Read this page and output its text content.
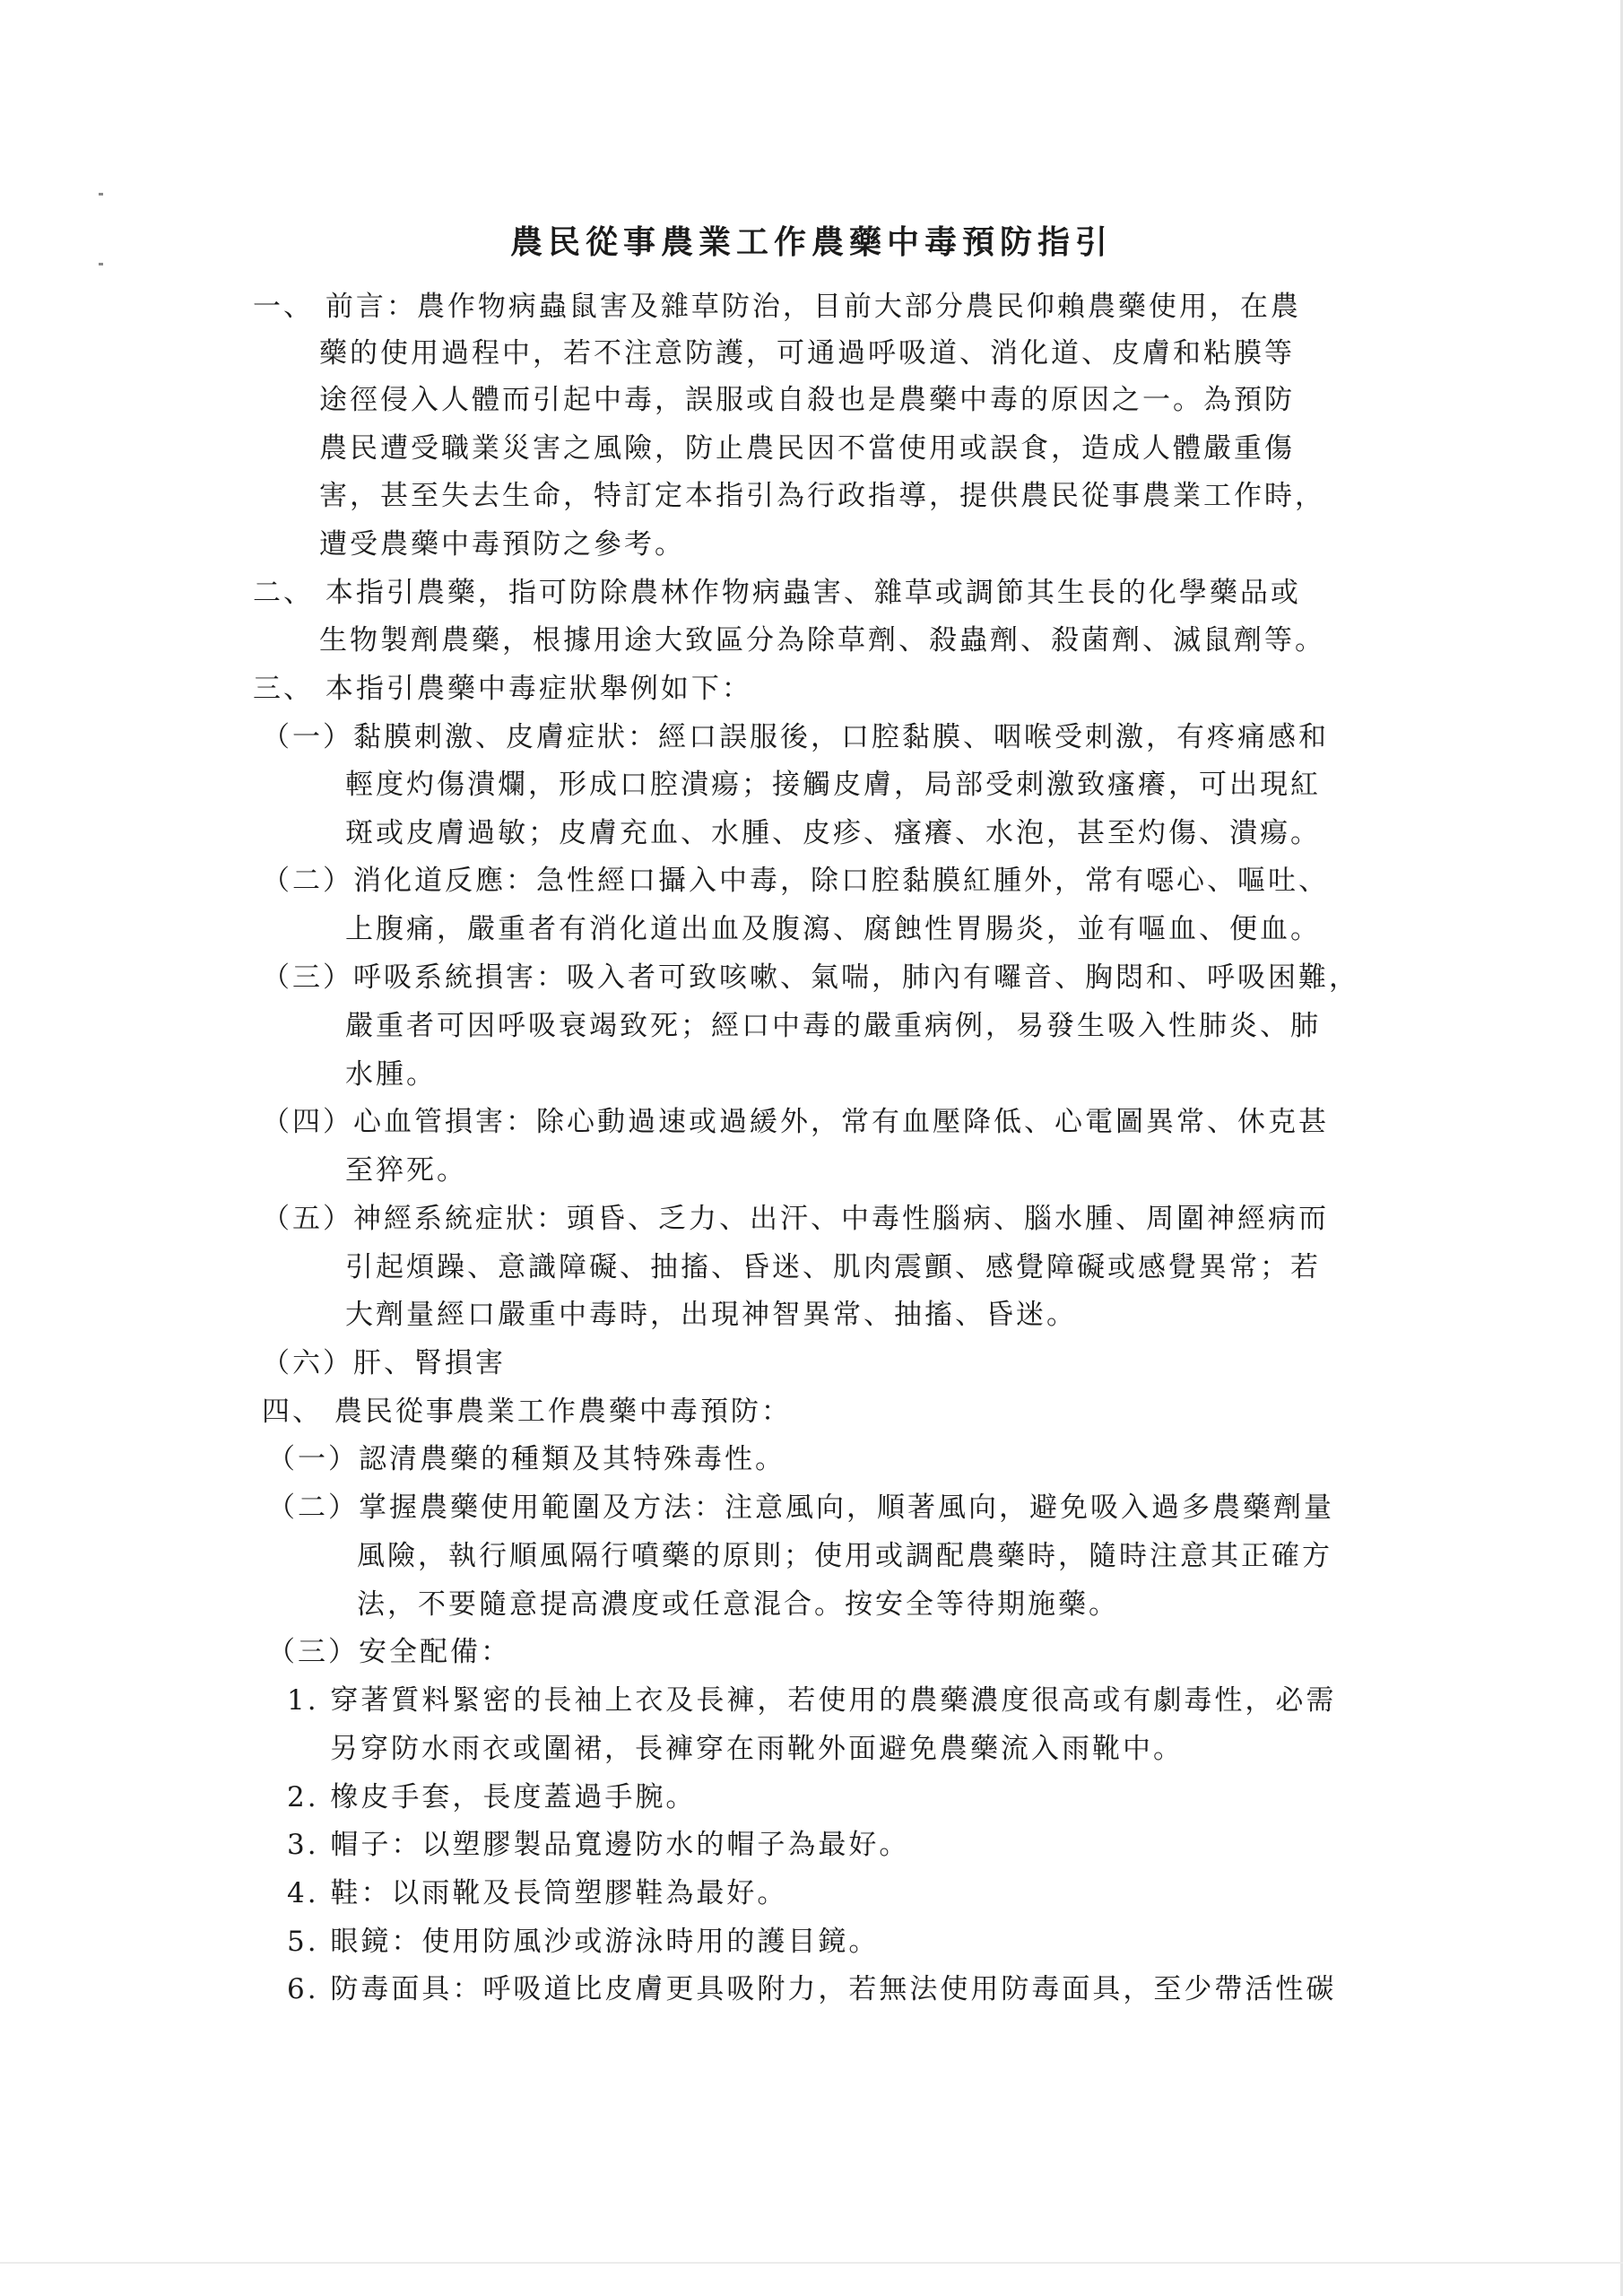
農民從事農業工作農藥中毒預防指引
一、 前言：農作物病蟲鼠害及雜草防治，目前大部分農民仰賴農藥使用，在農
藥的使用過程中，若不注意防護，可通過呼吸道、消化道、皮膚和粘膜等
途徑侵入人體而引起中毒，誤服或自殺也是農藥中毒的原因之一。為預防
農民遭受職業災害之風險，防止農民因不當使用或誤食，造成人體嚴重傷
害，甚至失去生命，特訂定本指引為行政指導，提供農民從事農業工作時，
遭受農藥中毒預防之參考。
二、 本指引農藥，指可防除農林作物病蟲害、雜草或調節其生長的化學藥品或
生物製劑農藥，根據用途大致區分為除草劑、殺蟲劑、殺菌劑、滅鼠劑等。
三、 本指引農藥中毒症狀舉例如下：
（一）黏膜刺激、皮膚症狀：經口誤服後，口腔黏膜、咽喉受刺激，有疼痛感和
輕度灼傷潰爛，形成口腔潰瘍；接觸皮膚，局部受刺激致瘙癢，可出現紅
斑或皮膚過敏；皮膚充血、水腫、皮疹、瘙癢、水泡，甚至灼傷、潰瘍。
（二）消化道反應：急性經口攝入中毒，除口腔黏膜紅腫外，常有噁心、嘔吐、
上腹痛，嚴重者有消化道出血及腹瀉、腐蝕性胃腸炎，並有嘔血、便血。
（三）呼吸系統損害：吸入者可致咳嗽、氣喘，肺內有囉音、胸悶和、呼吸困難，
嚴重者可因呼吸衰竭致死；經口中毒的嚴重病例，易發生吸入性肺炎、肺
水腫。
（四）心血管損害：除心動過速或過緩外，常有血壓降低、心電圖異常、休克甚
至猝死。
（五）神經系統症狀：頭昏、乏力、出汗、中毒性腦病、腦水腫、周圍神經病而
引起煩躁、意識障礙、抽搐、昏迷、肌肉震顫、感覺障礙或感覺異常；若
大劑量經口嚴重中毒時，出現神智異常、抽搐、昏迷。
（六）肝、腎損害
四、 農民從事農業工作農藥中毒預防：
（一）認清農藥的種類及其特殊毒性。
（二）掌握農藥使用範圍及方法：注意風向，順著風向，避免吸入過多農藥劑量
風險，執行順風隔行噴藥的原則；使用或調配農藥時，隨時注意其正確方
法，不要隨意提高濃度或任意混合。按安全等待期施藥。
（三）安全配備：
1. 穿著質料緊密的長袖上衣及長褲，若使用的農藥濃度很高或有劇毒性，必需
另穿防水雨衣或圍裙，長褲穿在雨靴外面避免農藥流入雨靴中。
2. 橡皮手套，長度蓋過手腕。
3. 帽子：以塑膠製品寬邊防水的帽子為最好。
4. 鞋：以雨靴及長筒塑膠鞋為最好。
5. 眼鏡：使用防風沙或游泳時用的護目鏡。
6. 防毒面具：呼吸道比皮膚更具吸附力，若無法使用防毒面具，至少帶活性碳
